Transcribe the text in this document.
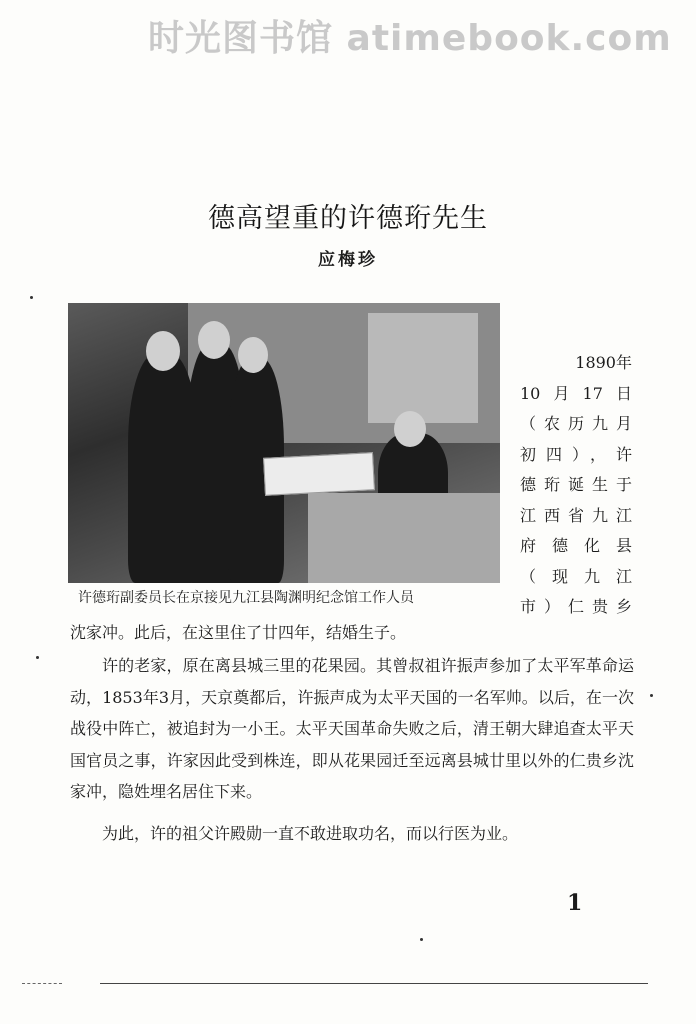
时光图书馆 atimebook.com
德高望重的许德珩先生
应梅珍
许德珩副委员长在京接见九江县陶渊明纪念馆工作人员
1890年
10月17日
（农历九月
初四），许
德珩诞生于
江西省九江
府德化县
（现九江
市）仁贵乡
沈家冲。此后，在这里住了廿四年，结婚生子。
许的老家，原在离县城三里的花果园。其曾叔祖许振声参加了太平军革命运动，1853年3月，天京奠都后，许振声成为太平天国的一名军帅。以后，在一次战役中阵亡，被追封为一小王。太平天国革命失败之后，清王朝大肆追查太平天国官员之事，许家因此受到株连，即从花果园迁至远离县城廿里以外的仁贵乡沈家冲，隐姓埋名居住下来。
为此，许的祖父许殿勋一直不敢进取功名，而以行医为业。
1
